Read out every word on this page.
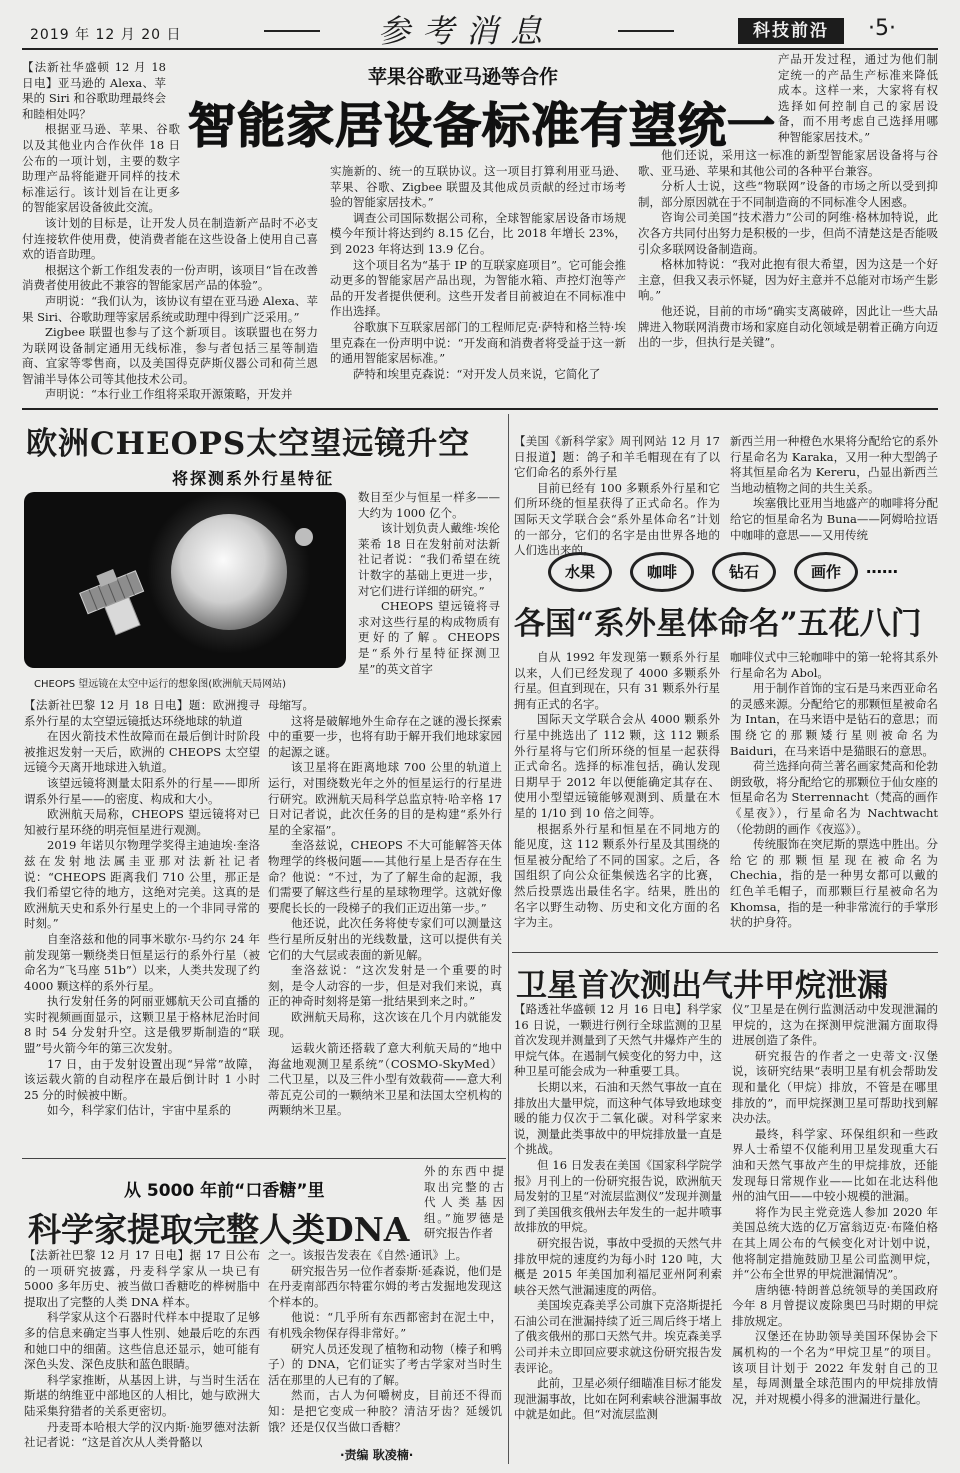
2019 年 12 月 20 日	参考消息	科技前沿	·5·

【法新社华盛顿 12 月 18 日电】亚马逊的 Alexa、苹果的 Siri 和谷歌助理最终会和睦相处吗？

根据亚马逊、苹果、谷歌以及其他业内合作伙伴 18 日公布的一项计划，主要的数字助理产品将能避开同样的技术标准运行。该计划旨在让更多的智能家居设备彼此交流。

该计划的目标是，让开发人员在制造新产品时不必支付连接软件使用费，使消费者能在这些设备上使用自己喜欢的语音助理。

根据这个新工作组发表的一份声明，该项目“旨在改善消费者使用彼此不兼容的智能家居产品的体验”。

声明说：“我们认为，该协议有望在亚马逊 Alexa、苹果 Siri、谷歌助理等家居系统或助理中得到广泛采用。”

Zigbee 联盟也参与了这个新项目。该联盟也在努力为联网设备制定通用无线标准，参与者包括三星等制造商、宜家等零售商，以及美国得克萨斯仪器公司和荷兰恩智浦半导体公司等其他技术公司。

声明说：“本行业工作组将采取开源策略，开发并

苹果谷歌亚马逊等合作
智能家居设备标准有望统一

产品开发过程，通过为他们制定统一的产品生产标准来降低成本。这样一来，大家将有权选择如何控制自己的家居设备，而不用考虑自己选择用哪种智能家居技术。”

实施新的、统一的互联协议。这一项目打算利用亚马逊、苹果、谷歌、Zigbee 联盟及其他成员贡献的经过市场考验的智能家居技术。”

调查公司国际数据公司称，全球智能家居设备市场规模今年预计将达到约 8.15 亿台，比 2018 年增长 23%，到 2023 年将达到 13.9 亿台。

这个项目名为“基于 IP 的互联家庭项目”。它可能会推动更多的智能家居产品出现，为智能水箱、声控灯泡等产品的开发者提供便利。这些开发者目前被迫在不同标准中作出选择。

谷歌旗下互联家居部门的工程师尼克·萨特和格兰特·埃里克森在一份声明中说：“开发商和消费者将受益于这一新的通用智能家居标准。”

萨特和埃里克森说：“对开发人员来说，它简化了

他们还说，采用这一标准的新型智能家居设备将与谷歌、亚马逊、苹果和其他公司的各种平台兼容。

分析人士说，这些“物联网”设备的市场之所以受到抑制，部分原因就在于不同制造商的不同标准令人困惑。

咨询公司美国“技术潜力”公司的阿维·格林加特说，此次各方共同付出努力是积极的一步，但尚不清楚这是否能吸引众多联网设备制造商。

格林加特说：“我对此抱有很大希望，因为这是一个好主意，但我又表示怀疑，因为好主意并不总能对市场产生影响。”

他还说，目前的市场“确实支离破碎，因此让一些大品牌进入物联网消费市场和家庭自动化领域是朝着正确方向迈出的一步，但执行是关键”。

欧洲CHEOPS太空望远镜升空
将探测系外行星特征
CHEOPS 望远镜在太空中运行的想象图(欧洲航天局网站)

数目至少与恒星一样多——大约为 1000 亿个。

该计划负责人戴维·埃伦莱希 18 日在发射前对法新社记者说：“我们希望在统计数字的基础上更进一步，对它们进行详细的研究。”

CHEOPS 望远镜将寻求对这些行星的构成物质有更好的了解。CHEOPS 是“系外行星特征探测卫星”的英文首字

【法新社巴黎 12 月 18 日电】题：欧洲搜寻系外行星的太空望远镜抵达环绕地球的轨道

在因火箭技术性故障而在最后倒计时阶段被推迟发射一天后，欧洲的 CHEOPS 太空望远镜今天离开地球进入轨道。

该望远镜将测量太阳系外的行星——即所谓系外行星——的密度、构成和大小。

欧洲航天局称，CHEOPS 望远镜将对已知被行星环绕的明亮恒星进行观测。

2019 年诺贝尔物理学奖得主迪迪埃·奎洛兹在发射地法属圭亚那对法新社记者说：“CHEOPS 距离我们 710 公里，那正是我们希望它待的地方，这绝对完美。这真的是欧洲航天史和系外行星史上的一个非同寻常的时刻。”

自奎洛兹和他的同事米歇尔·马约尔 24 年前发现第一颗绕类日恒星运行的系外行星（被命名为“飞马座 51b”）以来，人类共发现了约 4000 颗这样的系外行星。

执行发射任务的阿丽亚娜航天公司直播的实时视频画面显示，这颗卫星于格林尼治时间 8 时 54 分发射升空。这是俄罗斯制造的“联盟”号火箭今年的第三次发射。

17 日，由于发射设置出现“异常”故障，该运载火箭的自动程序在最后倒计时 1 小时 25 分的时候被中断。

如今，科学家们估计，宇宙中星系的

母缩写。

这将是破解地外生命存在之谜的漫长探索中的重要一步，也将有助于解开我们地球家园的起源之谜。

该卫星将在距离地球 700 公里的轨道上运行，对围绕数光年之外的恒星运行的行星进行研究。欧洲航天局科学总监京特·哈辛格 17 日对记者说，此次任务的目的是构建“系外行星的全家福”。

奎洛兹说，CHEOPS 不大可能解答天体物理学的终极问题——其他行星上是否存在生命？他说：“不过，为了了解生命的起源，我们需要了解这些行星的星球物理学。这就好像要爬长长的一段梯子的我们正迈出第一步。”

他还说，此次任务将使专家们可以测量这些行星所反射出的光线数量，这可以提供有关它们的大气层或表面的新见解。

奎洛兹说：“这次发射是一个重要的时刻，是令人动容的一步，但是对我们来说，真正的神奇时刻将是第一批结果到来之时。”

欧洲航天局称，这次该在几个月内就能发现。

运载火箭还搭载了意大利航天局的“地中海盆地观测卫星系统”（COSMO-SkyMed）二代卫星，以及三件小型有效载荷——意大利蒂瓦克公司的一颗纳米卫星和法国太空机构的两颗纳米卫星。

从 5000 年前“口香糖”里
科学家提取完整人类DNA

外的东西中提取出完整的古代人类基因组。”施罗德是研究报告作者

【法新社巴黎 12 月 17 日电】据 17 日公布的一项研究披露，丹麦科学家从一块已有 5000 多年历史、被当做口香糖吃的桦树脂中提取出了完整的人类 DNA 样本。

科学家从这个石器时代样本中提取了足够多的信息来确定当事人性别、她最后吃的东西和她口中的细菌。这些信息还显示，她可能有深色头发、深色皮肤和蓝色眼睛。

科学家推断，从基因上讲，与当时生活在斯堪的纳维亚中部地区的人相比，她与欧洲大陆采集狩猎者的关系更密切。

丹麦哥本哈根大学的汉内斯·施罗德对法新社记者说：“这是首次从人类骨骼以

之一。该报告发表在《自然·通讯》上。

研究报告另一位作者泰斯·延森说，他们是在丹麦南部西尔特霍尔姆的考古发掘地发现这个样本的。

他说：“几乎所有东西都密封在泥土中，有机残余物保存得非常好。”

研究人员还发现了植物和动物（榛子和鸭子）的 DNA，它们证实了考古学家对当时生活在那里的人已有的了解。

然而，古人为何嚼树皮，目前还不得而知：是把它变成一种胶？清洁牙齿？延缓饥饿？还是仅仅当做口香糖？

·责编 耿凌楠·

【美国《新科学家》周刊网站 12 月 17 日报道】题：鸽子和羊毛帽现在有了以它们命名的系外行星

目前已经有 100 多颗系外行星和它们所环绕的恒星获得了正式命名。作为国际天文学联合会“系外星体命名”计划的一部分，它们的名字是由世界各地的人们选出来的。

新西兰用一种橙色水果将分配给它的系外行星命名为 Karaka，又用一种大型鸽子将其恒星命名为 Kereru，凸显出新西兰当地动植物之间的共生关系。

埃塞俄比亚用当地盛产的咖啡将分配给它的恒星命名为 Buna——阿姆哈拉语中咖啡的意思——又用传统

水果	咖啡	钻石	画作	……
各国“系外星体命名”五花八门

自从 1992 年发现第一颗系外行星以来，人们已经发现了 4000 多颗系外行星。但直到现在，只有 31 颗系外行星拥有正式的名字。

国际天文学联合会从 4000 颗系外行星中挑选出了 112 颗，这 112 颗系外行星将与它们所环绕的恒星一起获得正式命名。选择的标准包括，确认发现日期早于 2012 年以便能确定其存在、使用小型望远镜能够观测到、质量在木星的 1/10 到 10 倍之间等。

根据系外行星和恒星在不同地方的能见度，这 112 颗系外行星及其围绕的恒星被分配给了不同的国家。之后，各国组织了向公众征集候选名字的比赛，然后投票选出最佳名字。结果，胜出的名字以野生动物、历史和文化方面的名字为主。

咖啡仪式中三轮咖啡中的第一轮将其系外行星命名为 Abol。

用于制作首饰的宝石是马来西亚命名的灵感来源。分配给它的那颗恒星被命名为 Intan，在马来语中是钻石的意思；而围绕它的那颗矮行星则被命名为 Baiduri，在马来语中是猫眼石的意思。

荷兰选择向荷兰著名画家梵高和伦勃朗致敬，将分配给它的那颗位于仙女座的恒星命名为 Sterrennacht（梵高的画作《星夜》），行星命名为 Nachtwacht（伦勃朗的画作《夜巡》）。

传统服饰在突尼斯的票选中胜出。分给它的那颗恒星现在被命名为 Chechia，指的是一种男女都可以戴的红色羊毛帽子，而那颗巨行星被命名为 Khomsa，指的是一种非常流行的手掌形状的护身符。

卫星首次测出气井甲烷泄漏

【路透社华盛顿 12 月 16 日电】科学家 16 日说，一颗进行例行全球监测的卫星首次发现并测量到了天然气井爆炸产生的甲烷气体。在遏制气候变化的努力中，这种卫星可能会成为一种重要工具。

长期以来，石油和天然气事故一直在排放出大量甲烷，而这种气体导致地球变暖的能力仅次于二氧化碳。对科学家来说，测量此类事故中的甲烷排放量一直是个挑战。

但 16 日发表在美国《国家科学院学报》月刊上的一份研究报告说，欧洲航天局发射的卫星“对流层监测仪”发现并测量到了美国俄亥俄州去年发生的一起井喷事故排放的甲烷。

研究报告说，事故中受损的天然气井排放甲烷的速度约为每小时 120 吨，大概是 2015 年美国加利福尼亚州阿利索峡谷天然气泄漏速度的两倍。

美国埃克森美孚公司旗下克洛斯提托石油公司在泄漏持续了近三周后终于堵上了俄亥俄州的那口天然气井。埃克森美孚公司并未立即回应要求就这份研究报告发表评论。

此前，卫星必须仔细瞄准目标才能发现泄漏事故，比如在阿利索峡谷泄漏事故中就是如此。但“对流层监测

仪”卫星是在例行监测活动中发现泄漏的甲烷的，这为在探测甲烷泄漏方面取得进展创造了条件。

研究报告的作者之一史蒂文·汉堡说，该研究结果“表明卫星有机会帮助发现和量化（甲烷）排放，不管是在哪里排放的”，而甲烷探测卫星可帮助找到解决办法。

最终，科学家、环保组织和一些政界人士希望不仅能利用卫星发现重大石油和天然气事故产生的甲烷排放，还能发现每日常规作业——比如在北达科他州的油气田——中较小规模的泄漏。

将作为民主党竞选人参加 2020 年美国总统大选的亿万富翁迈克·布隆伯格在其上周公布的气候变化对计划中说，他将制定措施鼓励卫星公司监测甲烷，并“公布全世界的甲烷泄漏情况”。

唐纳德·特朗普总统领导的美国政府今年 8 月曾提议废除奥巴马时期的甲烷排放规定。

汉堡还在协助领导美国环保协会下属机构的一个名为“甲烷卫星”的项目。该项目计划于 2022 年发射自己的卫星，每周测量全球范围内的甲烷排放情况，并对规模小得多的泄漏进行量化。
